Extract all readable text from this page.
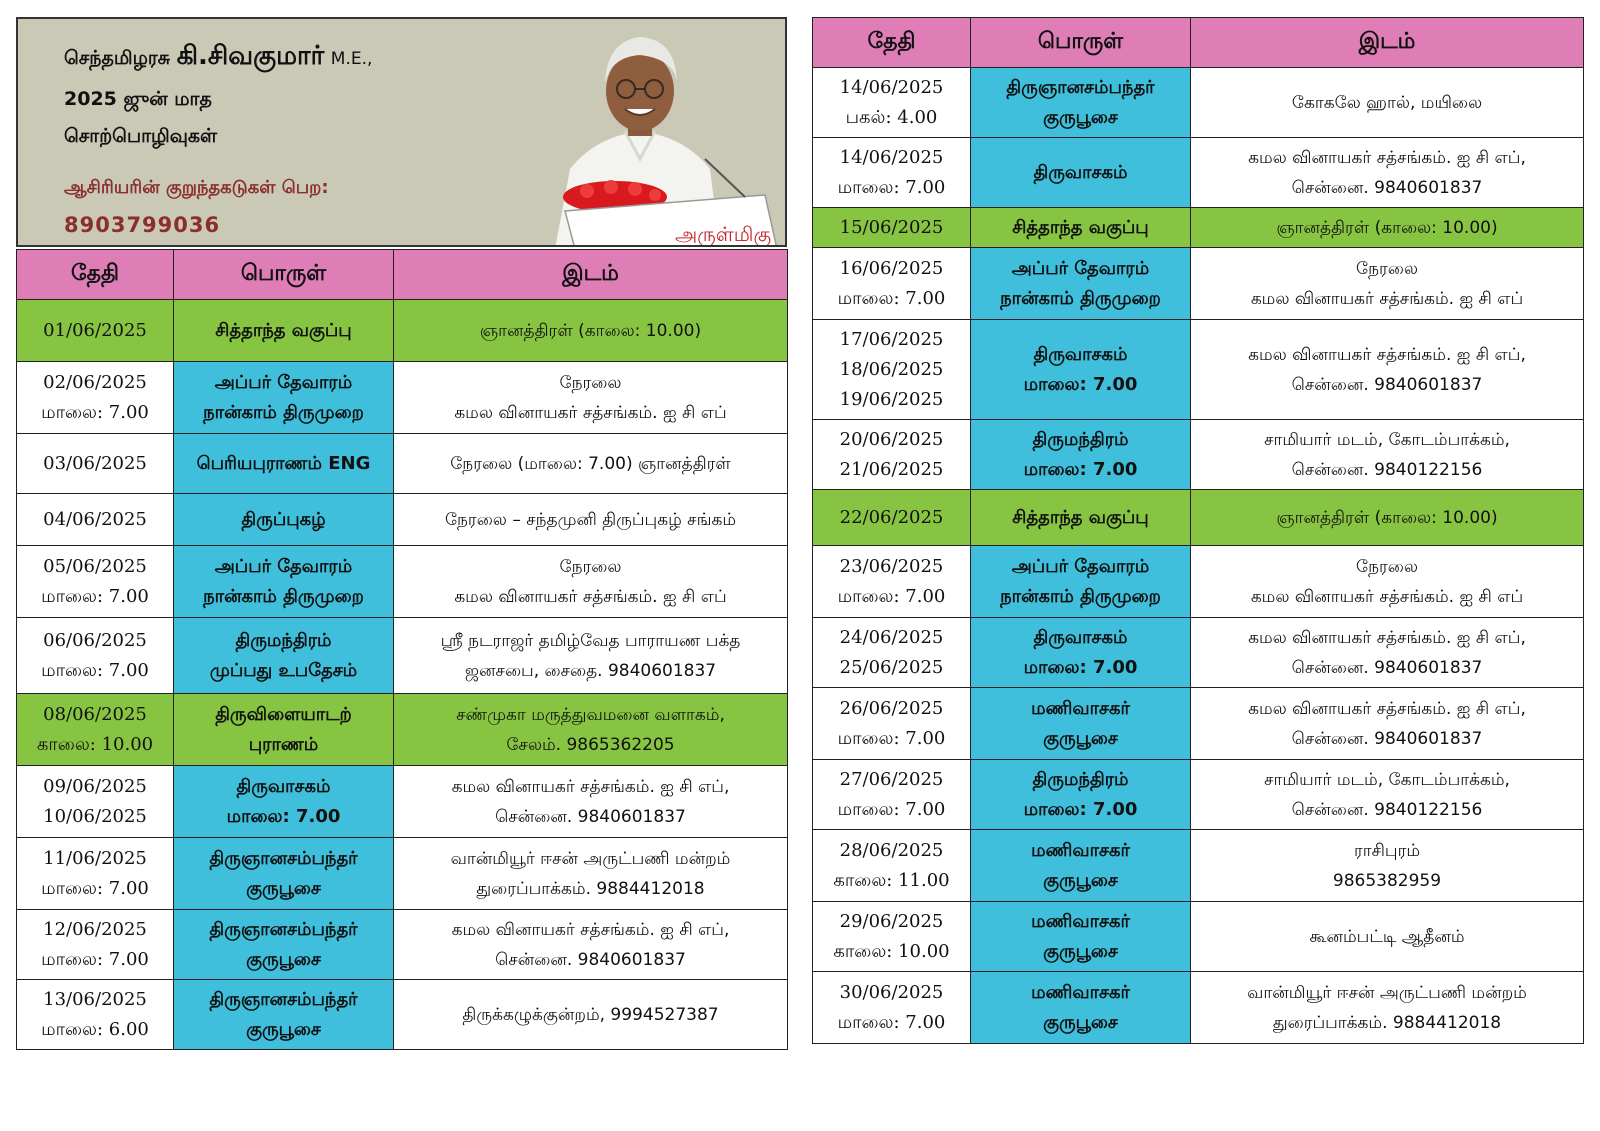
செந்தமிழரசு கி.சிவகுமார் M.E.,
2025 ஜுன் மாத
சொற்பொழிவுகள்
ஆசிரியரின் குறுந்தகடுகள் பெற:
8903799036	அருள்மிகு
தேதி	பொருள்	இடம்

01/06/2025	சித்தாந்த வகுப்பு	ஞானத்திரள் (காலை: 10.00)

02/06/2025
மாலை: 7.00	அப்பர் தேவாரம்
நான்காம் திருமுறை	நேரலை
கமல வினாயகர் சத்சங்கம். ஐ சி எப்

03/06/2025	பெரியபுராணம் ENG	நேரலை (மாலை: 7.00) ஞானத்திரள்

04/06/2025	திருப்புகழ்	நேரலை – சந்தமுனி திருப்புகழ் சங்கம்

05/06/2025
மாலை: 7.00	அப்பர் தேவாரம்
நான்காம் திருமுறை	நேரலை
கமல வினாயகர் சத்சங்கம். ஐ சி எப்

06/06/2025
மாலை: 7.00	திருமந்திரம்
முப்பது உபதேசம்	ஸ்ரீ நடராஜர் தமிழ்வேத பாராயண பக்த
ஜனசபை, சைதை. 9840601837

08/06/2025
காலை: 10.00	திருவிளையாடற்
புராணம்	சண்முகா மருத்துவமனை வளாகம்,
சேலம். 9865362205

09/06/2025
10/06/2025	திருவாசகம்
மாலை: 7.00	கமல வினாயகர் சத்சங்கம். ஐ சி எப்,
சென்னை. 9840601837

11/06/2025
மாலை: 7.00	திருஞானசம்பந்தர்
குருபூசை	வான்மியூர் ஈசன் அருட்பணி மன்றம்
துரைப்பாக்கம். 9884412018

12/06/2025
மாலை: 7.00	திருஞானசம்பந்தர்
குருபூசை	கமல வினாயகர் சத்சங்கம். ஐ சி எப்,
சென்னை. 9840601837

13/06/2025
மாலை: 6.00	திருஞானசம்பந்தர்
குருபூசை	திருக்கழுக்குன்றம், 9994527387
தேதி	பொருள்	இடம்

14/06/2025
பகல்: 4.00	திருஞானசம்பந்தர்
குருபூசை	கோகலே ஹால், மயிலை

14/06/2025
மாலை: 7.00	திருவாசகம்	கமல வினாயகர் சத்சங்கம். ஐ சி எப்,
சென்னை. 9840601837

15/06/2025	சித்தாந்த வகுப்பு	ஞானத்திரள் (காலை: 10.00)

16/06/2025
மாலை: 7.00	அப்பர் தேவாரம்
நான்காம் திருமுறை	நேரலை
கமல வினாயகர் சத்சங்கம். ஐ சி எப்

17/06/2025
18/06/2025
19/06/2025	திருவாசகம்
மாலை: 7.00	கமல வினாயகர் சத்சங்கம். ஐ சி எப்,
சென்னை. 9840601837

20/06/2025
21/06/2025	திருமந்திரம்
மாலை: 7.00	சாமியார் மடம், கோடம்பாக்கம்,
சென்னை. 9840122156

22/06/2025	சித்தாந்த வகுப்பு	ஞானத்திரள் (காலை: 10.00)

23/06/2025
மாலை: 7.00	அப்பர் தேவாரம்
நான்காம் திருமுறை	நேரலை
கமல வினாயகர் சத்சங்கம். ஐ சி எப்

24/06/2025
25/06/2025	திருவாசகம்
மாலை: 7.00	கமல வினாயகர் சத்சங்கம். ஐ சி எப்,
சென்னை. 9840601837

26/06/2025
மாலை: 7.00	மணிவாசகர்
குருபூசை	கமல வினாயகர் சத்சங்கம். ஐ சி எப்,
சென்னை. 9840601837

27/06/2025
மாலை: 7.00	திருமந்திரம்
மாலை: 7.00	சாமியார் மடம், கோடம்பாக்கம்,
சென்னை. 9840122156

28/06/2025
காலை: 11.00	மணிவாசகர்
குருபூசை	ராசிபுரம்
9865382959

29/06/2025
காலை: 10.00	மணிவாசகர்
குருபூசை	கூனம்பட்டி ஆதீனம்

30/06/2025
மாலை: 7.00	மணிவாசகர்
குருபூசை	வான்மியூர் ஈசன் அருட்பணி மன்றம்
துரைப்பாக்கம். 9884412018
